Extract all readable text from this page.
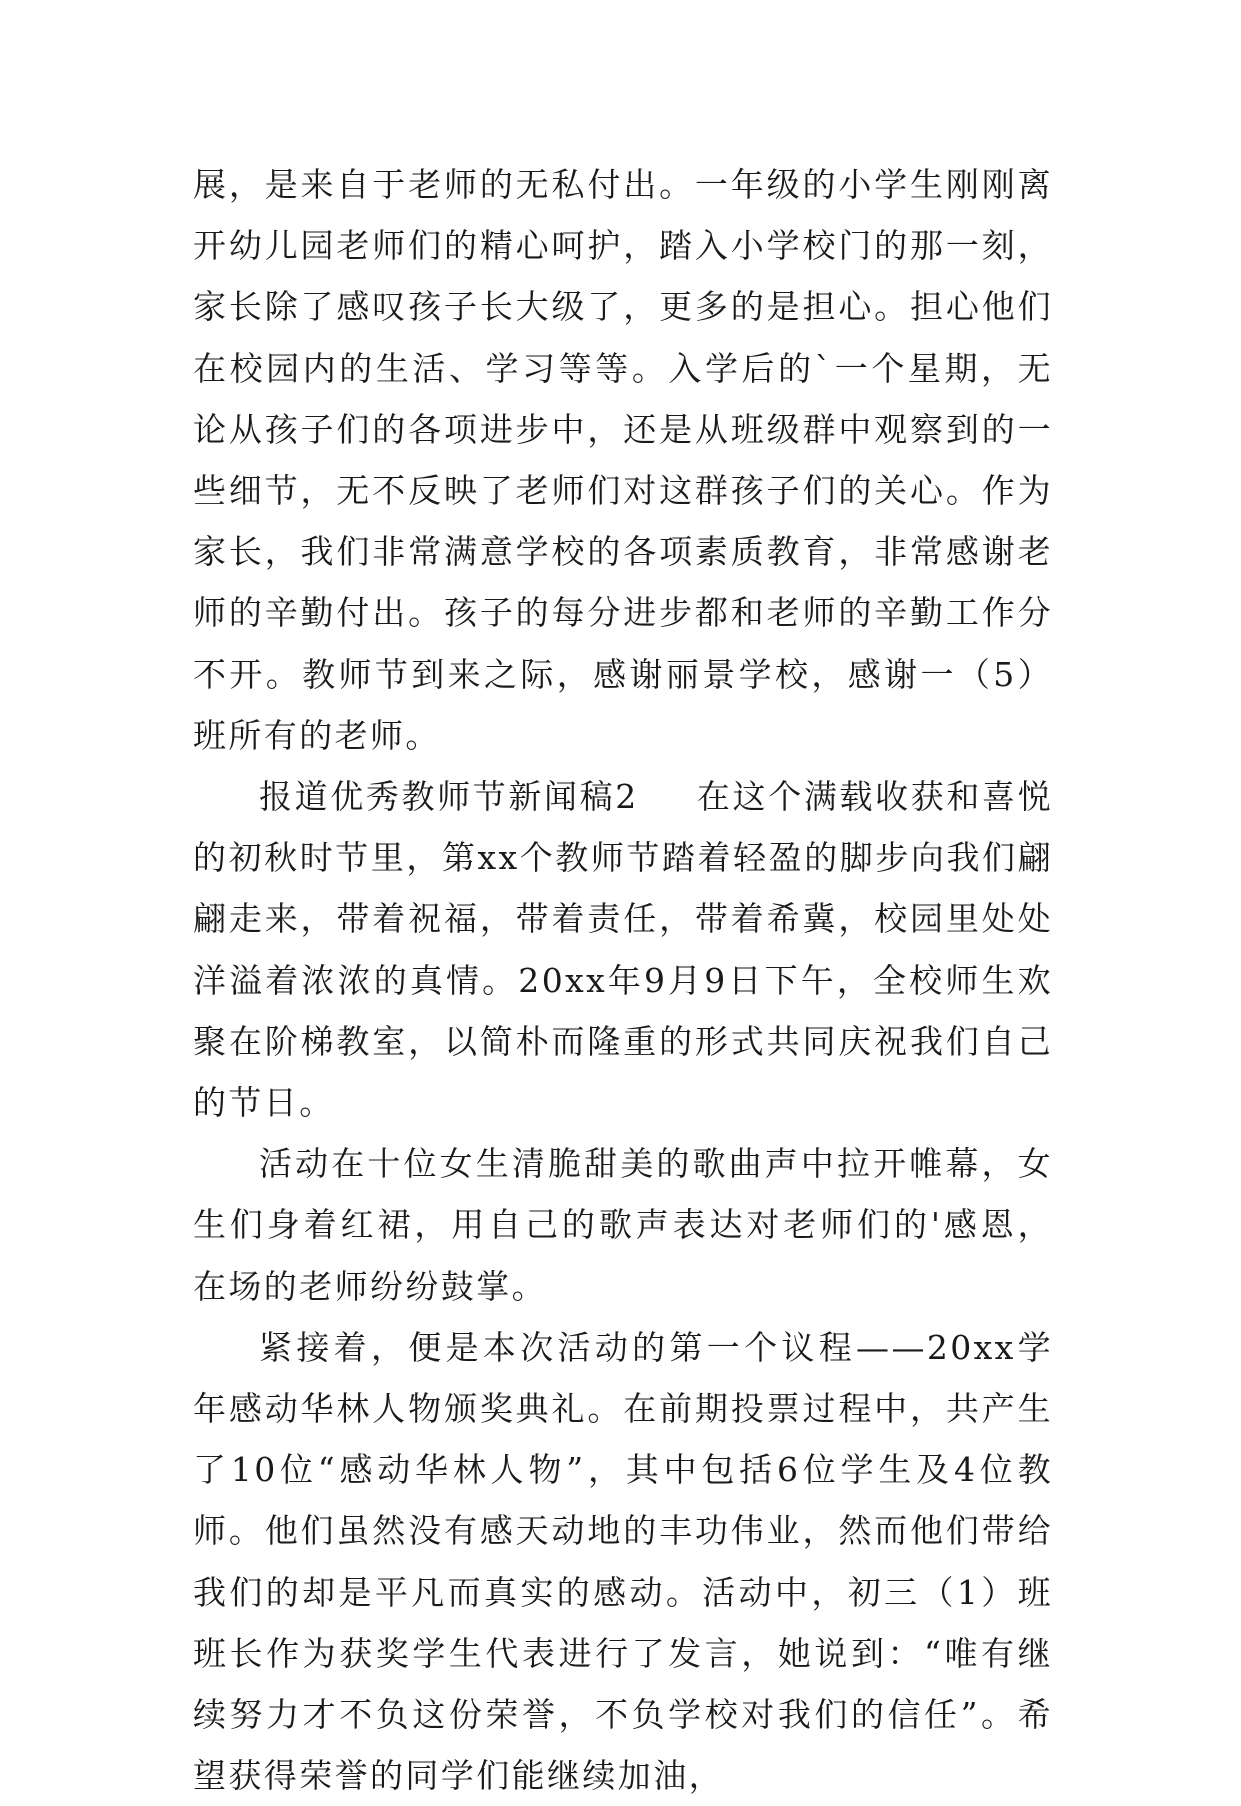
展，是来自于老师的无私付出。一年级的小学生刚刚离开幼儿园老师们的精心呵护，踏入小学校门的那一刻，家长除了感叹孩子长大级了，更多的是担心。担心他们在校园内的生活、学习等等。入学后的`一个星期，无论从孩子们的各项进步中，还是从班级群中观察到的一些细节，无不反映了老师们对这群孩子们的关心。作为家长，我们非常满意学校的各项素质教育，非常感谢老师的辛勤付出。孩子的每分进步都和老师的辛勤工作分不开。教师节到来之际，感谢丽景学校，感谢一（5）班所有的老师。

报道优秀教师节新闻稿2 在这个满载收获和喜悦的初秋时节里，第xx个教师节踏着轻盈的脚步向我们翩翩走来，带着祝福，带着责任，带着希冀，校园里处处洋溢着浓浓的真情。20xx年9月9日下午，全校师生欢聚在阶梯教室，以简朴而隆重的形式共同庆祝我们自己的节日。

活动在十位女生清脆甜美的歌曲声中拉开帷幕，女生们身着红裙，用自己的歌声表达对老师们的'感恩，在场的老师纷纷鼓掌。

紧接着，便是本次活动的第一个议程——20xx学年感动华林人物颁奖典礼。在前期投票过程中，共产生了10位“感动华林人物”，其中包括6位学生及4位教师。他们虽然没有感天动地的丰功伟业，然而他们带给我们的却是平凡而真实的感动。活动中，初三（1）班班长作为获奖学生代表进行了发言，她说到：“唯有继续努力才不负这份荣誉，不负学校对我们的信任”。希望获得荣誉的同学们能继续加油，
